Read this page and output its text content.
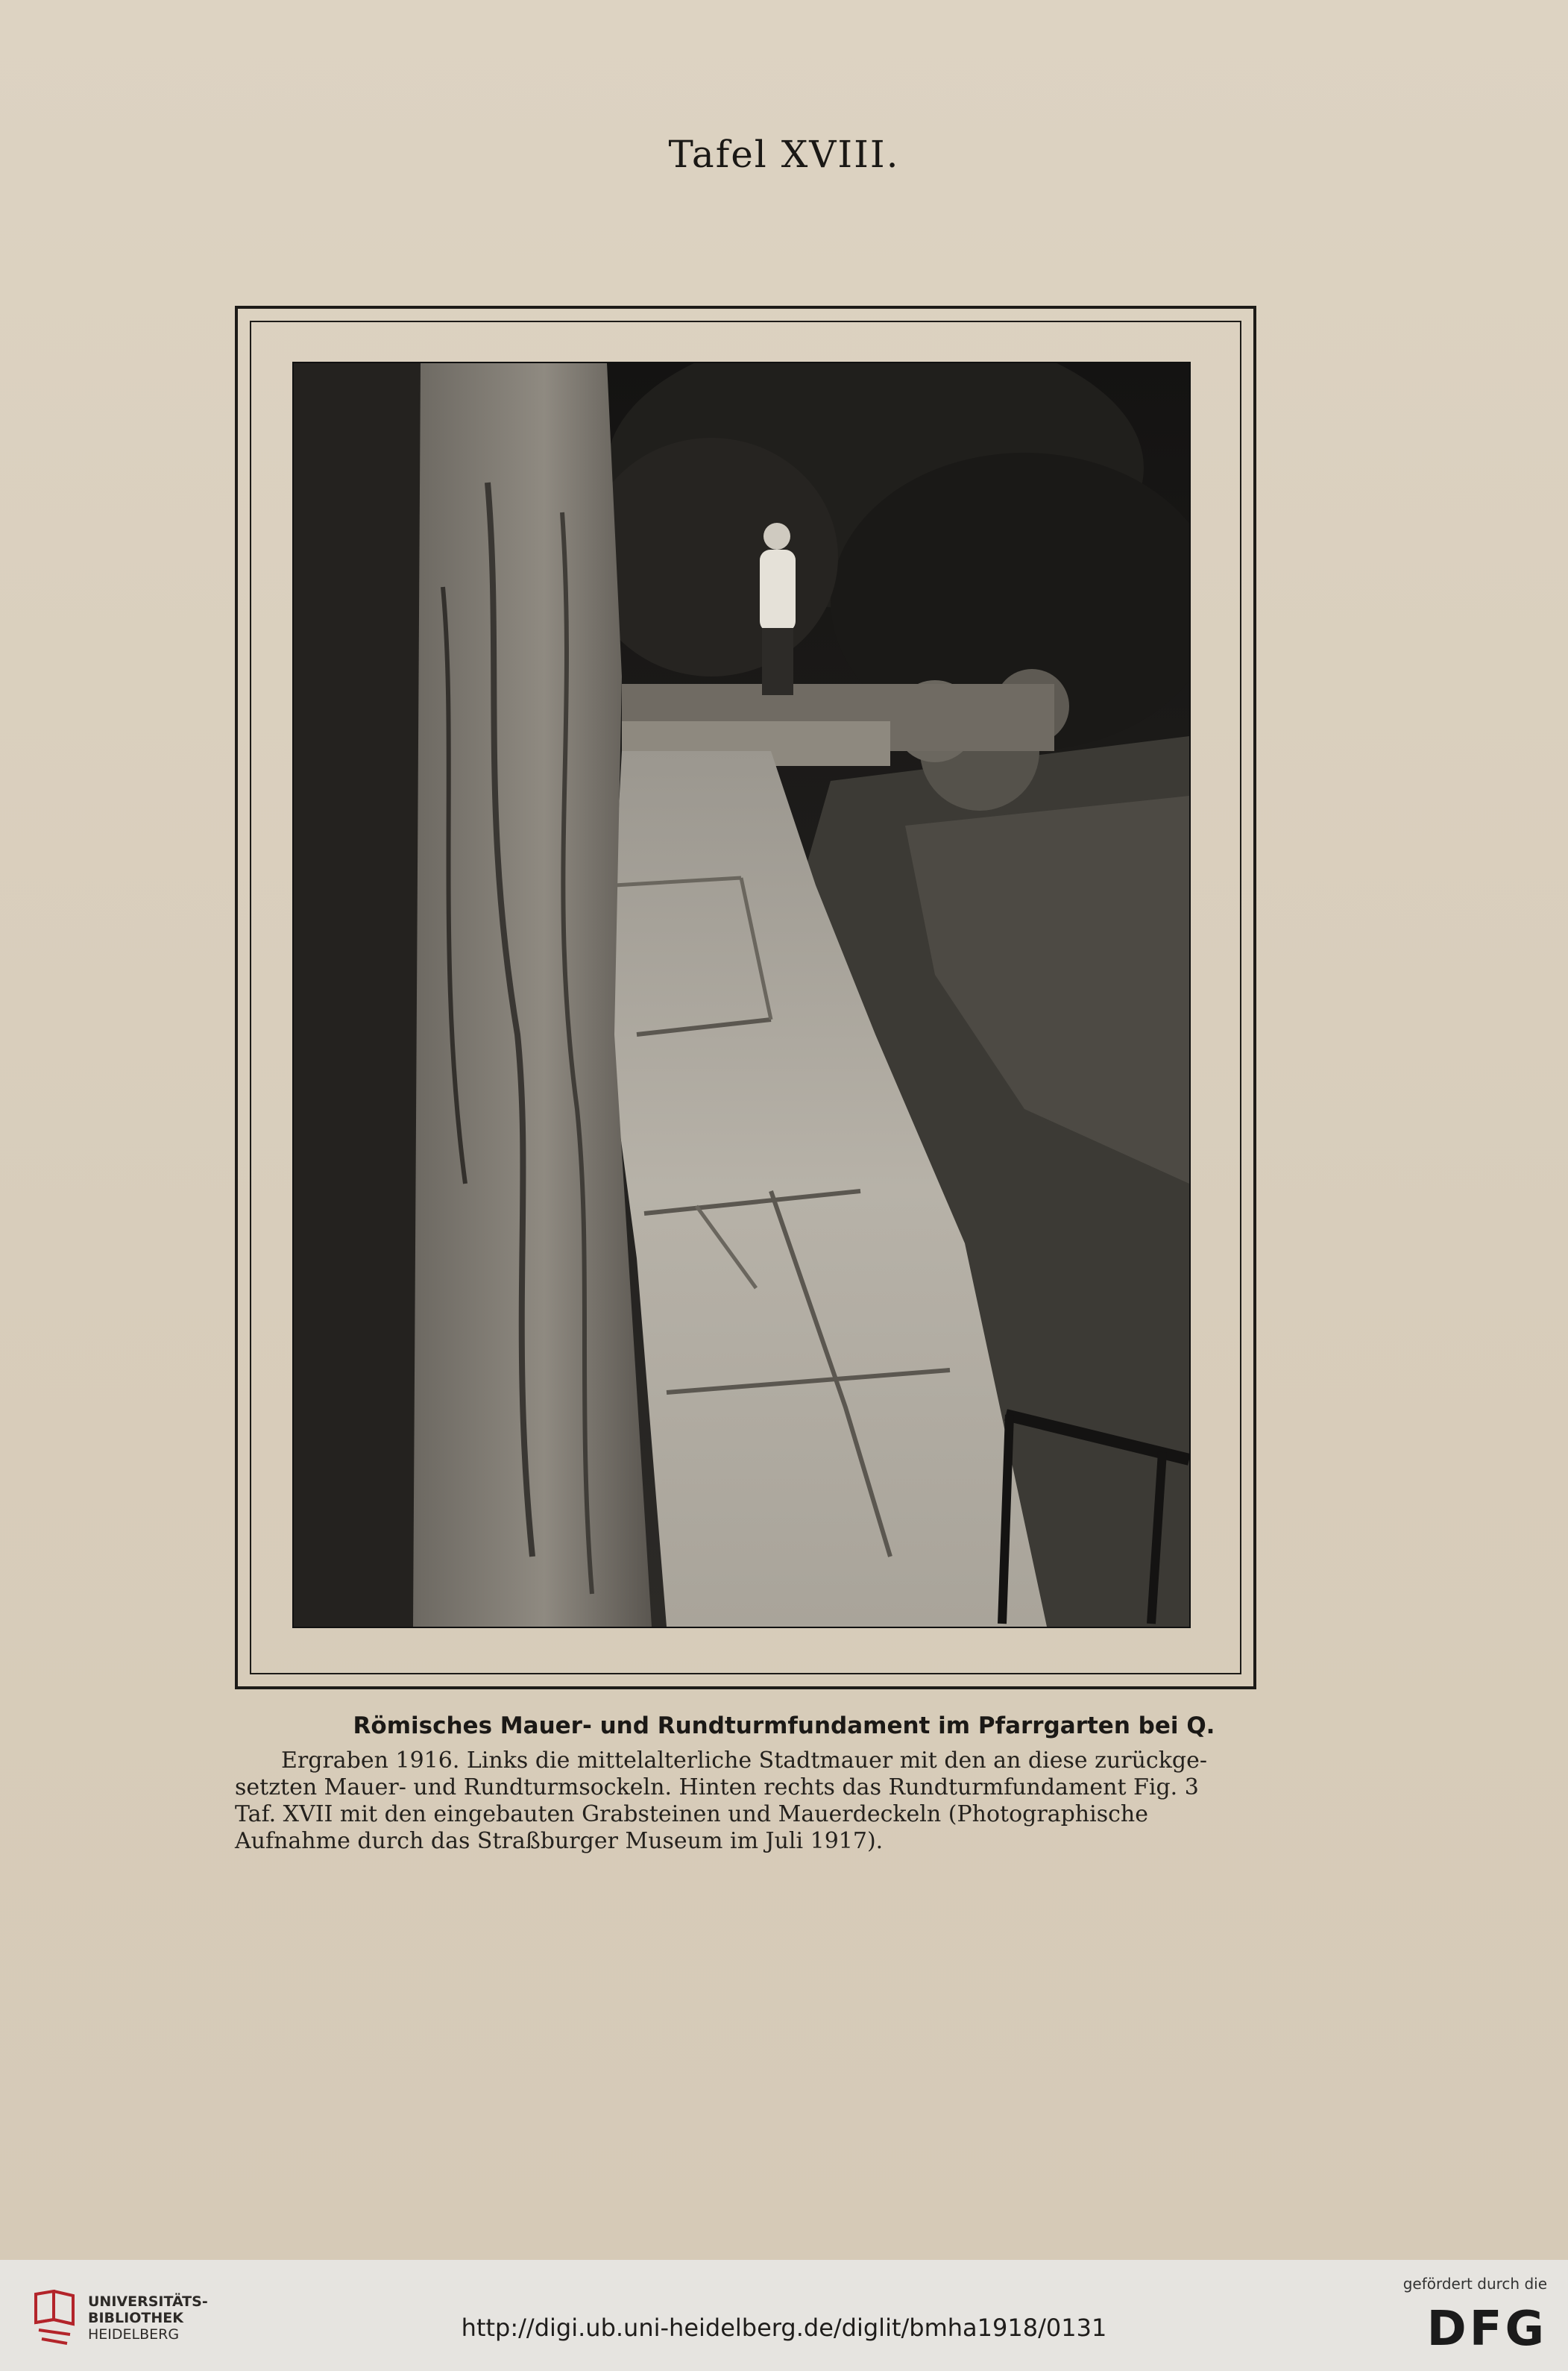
Tafel XVIII.
Römisches Mauer- und Rundturmfundament im Pfarrgarten bei Q.
Ergraben 1916. Links die mittelalterliche Stadtmauer mit den an diese zurückge-
setzten Mauer- und Rundturmsockeln. Hinten rechts das Rundturmfundament Fig. 3
Taf. XVII mit den eingebauten Grabsteinen und Mauerdeckeln (Photographische
Aufnahme durch das Straßburger Museum im Juli 1917).
UNIVERSITÄTS-
BIBLIOTHEK
HEIDELBERG	http://digi.ub.uni-heidelberg.de/diglit/bmha1918/0131
gefördert durch die
DFG
